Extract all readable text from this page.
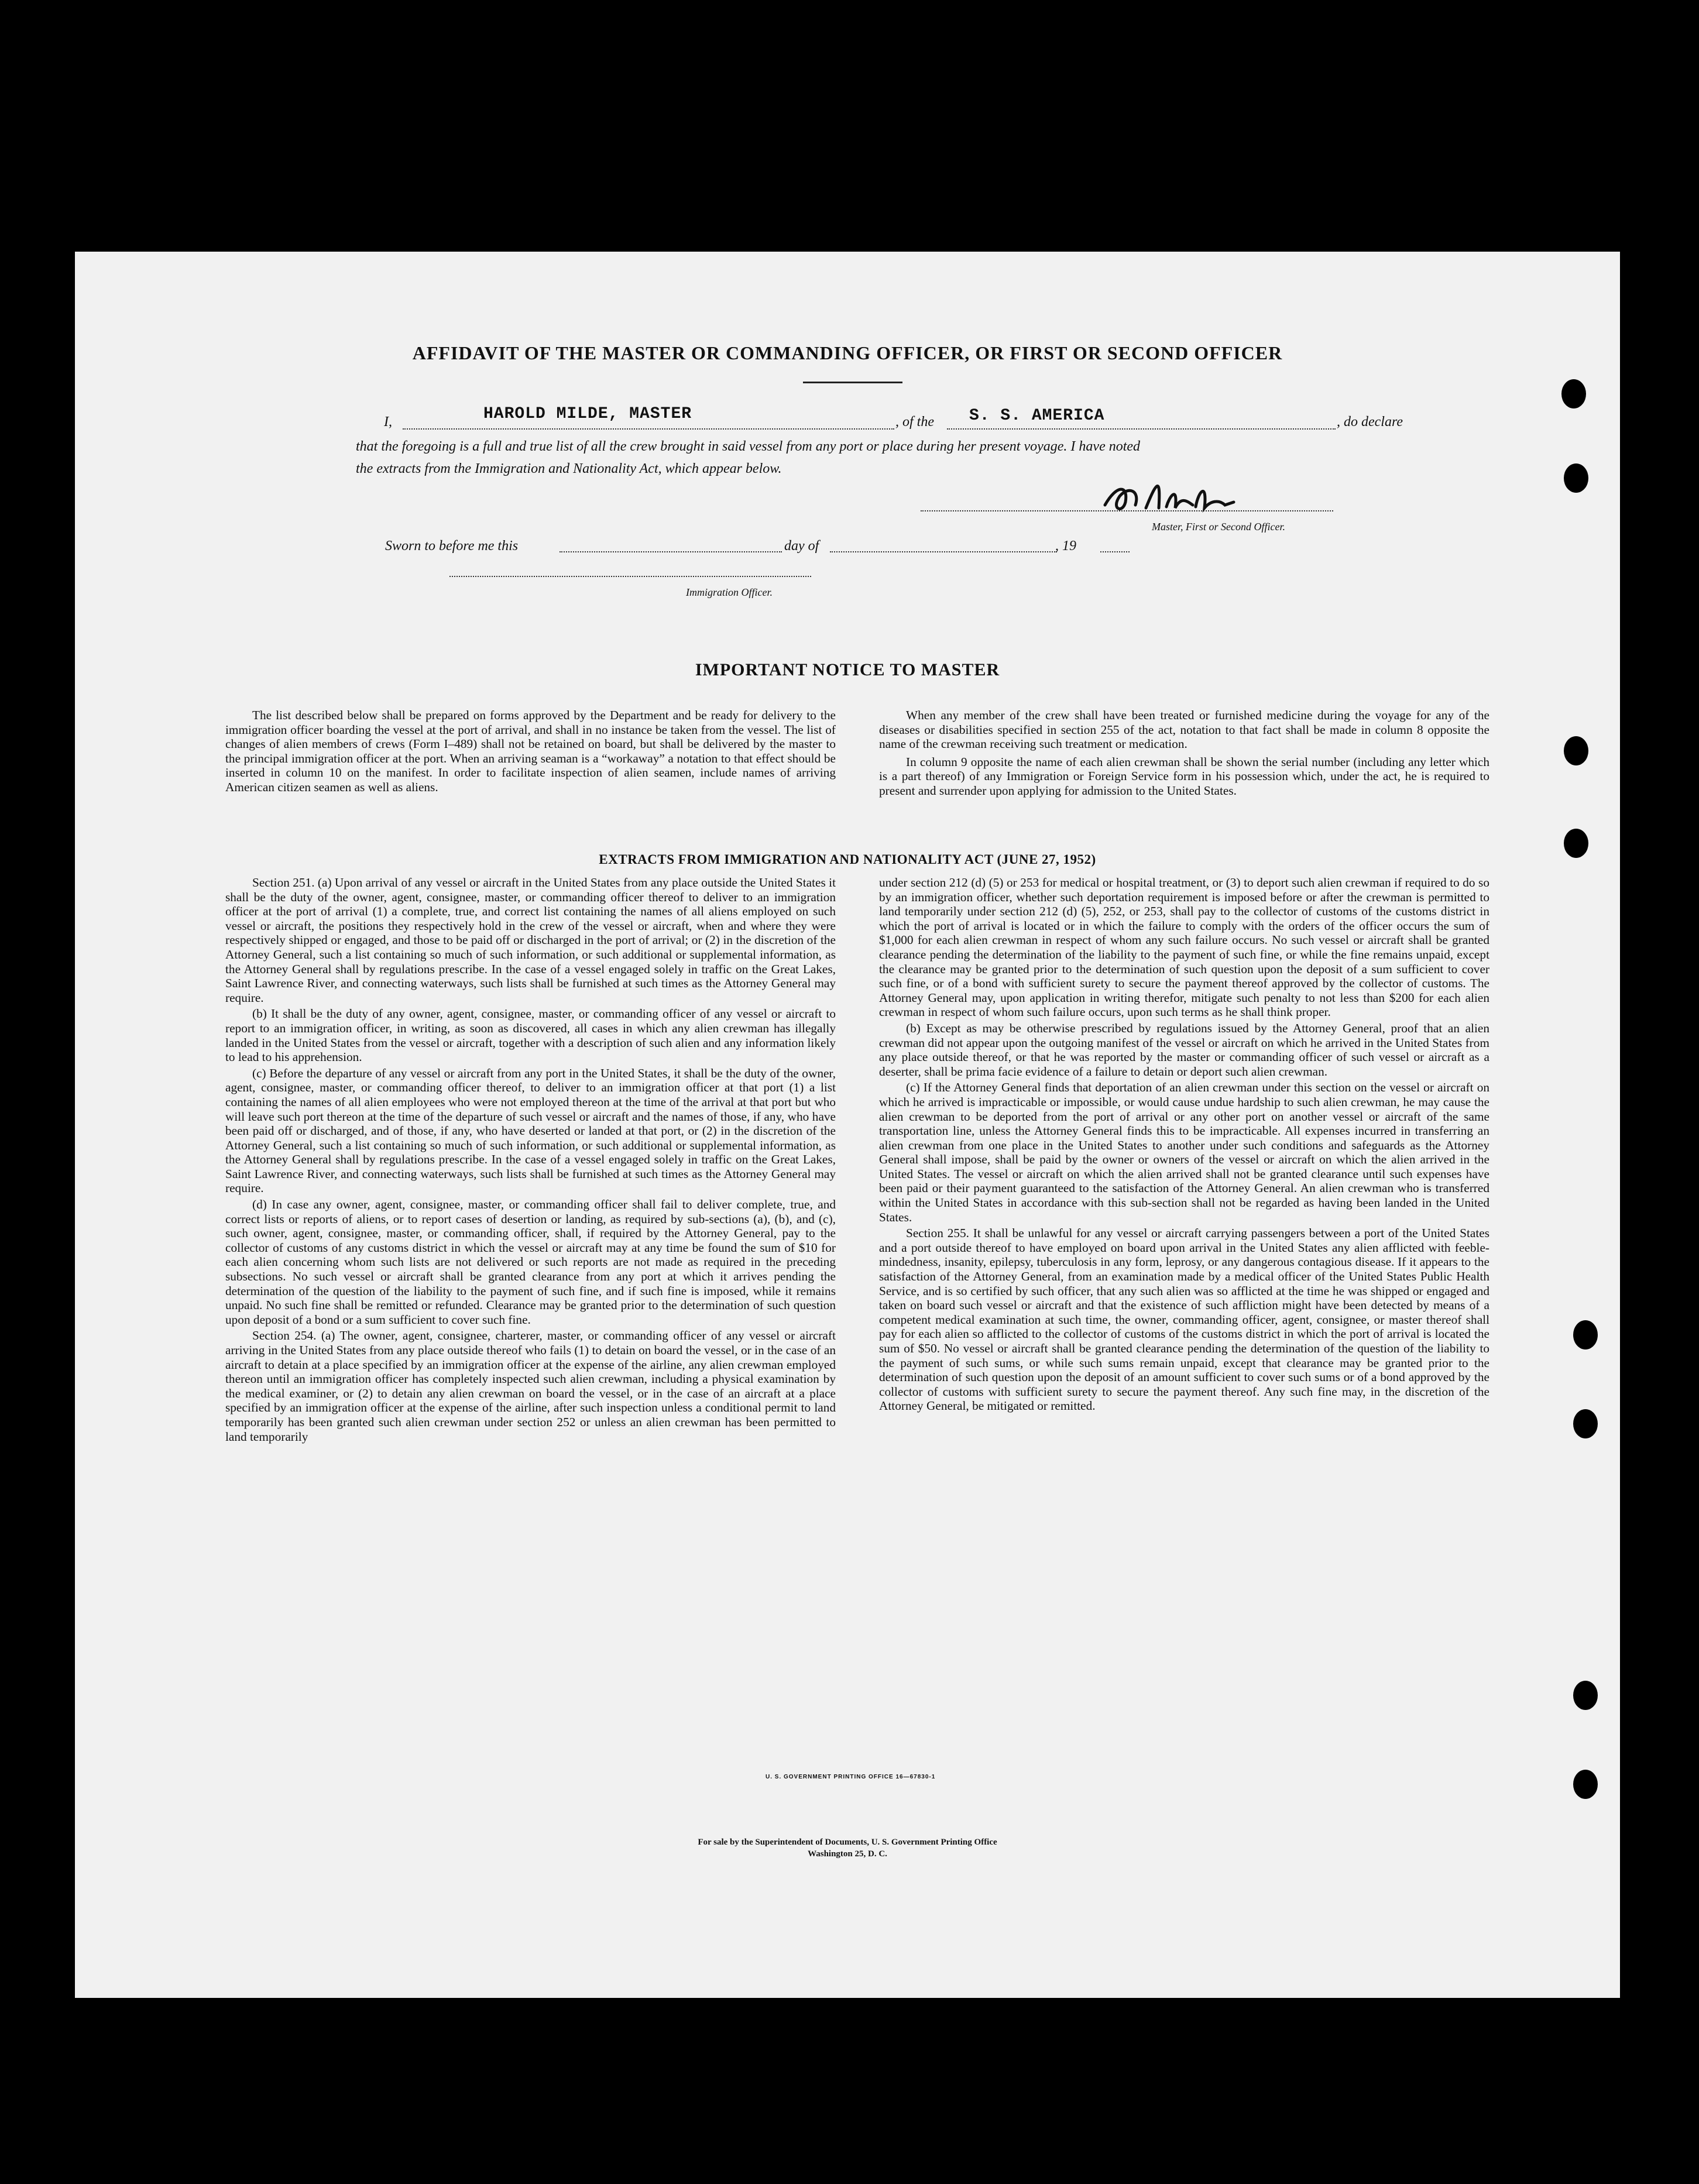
AFFIDAVIT OF THE MASTER OR COMMANDING OFFICER, OR FIRST OR SECOND OFFICER
I,	HAROLD MILDE, MASTER	, of the S. S. AMERICA	, do declare
that the foregoing is a full and true list of all the crew brought in said vessel from any port or place during her present voyage. I have noted
the extracts from the Immigration and Nationality Act, which appear below.
Master, First or Second Officer.
Sworn to before me this	day of	, 19
Immigration Officer.
IMPORTANT NOTICE TO MASTER

The list described below shall be prepared on forms approved by the Department and be ready for delivery to the immigration officer boarding the vessel at the port of arrival, and shall in no instance be taken from the vessel. The list of changes of alien members of crews (Form I–489) shall not be retained on board, but shall be delivered by the master to the principal immigration officer at the port. When an arriving seaman is a “workaway” a notation to that effect should be inserted in column 10 on the manifest. In order to facilitate inspection of alien seamen, include names of arriving American citizen seamen as well as aliens.

When any member of the crew shall have been treated or furnished medicine during the voyage for any of the diseases or disabilities specified in section 255 of the act, notation to that fact shall be made in column 8 opposite the name of the crewman receiving such treatment or medication.

In column 9 opposite the name of each alien crewman shall be shown the serial number (including any letter which is a part thereof) of any Immigration or Foreign Service form in his possession which, under the act, he is required to present and surrender upon applying for admission to the United States.

EXTRACTS FROM IMMIGRATION AND NATIONALITY ACT (JUNE 27, 1952)

Section 251. (a) Upon arrival of any vessel or aircraft in the United States from any place outside the United States it shall be the duty of the owner, agent, consignee, master, or commanding officer thereof to deliver to an immigration officer at the port of arrival (1) a complete, true, and correct list containing the names of all aliens employed on such vessel or aircraft, the positions they respectively hold in the crew of the vessel or aircraft, when and where they were respectively shipped or engaged, and those to be paid off or discharged in the port of arrival; or (2) in the discretion of the Attorney General, such a list containing so much of such information, or such additional or supplemental information, as the Attorney General shall by regulations prescribe. In the case of a vessel engaged solely in traffic on the Great Lakes, Saint Lawrence River, and connecting waterways, such lists shall be furnished at such times as the Attorney General may require.

(b) It shall be the duty of any owner, agent, consignee, master, or commanding officer of any vessel or aircraft to report to an immigration officer, in writing, as soon as discovered, all cases in which any alien crewman has illegally landed in the United States from the vessel or aircraft, together with a description of such alien and any information likely to lead to his apprehension.

(c) Before the departure of any vessel or aircraft from any port in the United States, it shall be the duty of the owner, agent, consignee, master, or commanding officer thereof, to deliver to an immigration officer at that port (1) a list containing the names of all alien employees who were not employed thereon at the time of the arrival at that port but who will leave such port thereon at the time of the departure of such vessel or aircraft and the names of those, if any, who have been paid off or discharged, and of those, if any, who have deserted or landed at that port, or (2) in the discretion of the Attorney General, such a list containing so much of such information, or such additional or supplemental information, as the Attorney General shall by regulations prescribe. In the case of a vessel engaged solely in traffic on the Great Lakes, Saint Lawrence River, and connecting waterways, such lists shall be furnished at such times as the Attorney General may require.

(d) In case any owner, agent, consignee, master, or commanding officer shall fail to deliver complete, true, and correct lists or reports of aliens, or to report cases of desertion or landing, as required by sub-sections (a), (b), and (c), such owner, agent, consignee, master, or commanding officer, shall, if required by the Attorney General, pay to the collector of customs of any customs district in which the vessel or aircraft may at any time be found the sum of $10 for each alien concerning whom such lists are not delivered or such reports are not made as required in the preceding subsections. No such vessel or aircraft shall be granted clearance from any port at which it arrives pending the determination of the question of the liability to the payment of such fine, and if such fine is imposed, while it remains unpaid. No such fine shall be remitted or refunded. Clearance may be granted prior to the determination of such question upon deposit of a bond or a sum sufficient to cover such fine.

Section 254. (a) The owner, agent, consignee, charterer, master, or commanding officer of any vessel or aircraft arriving in the United States from any place outside thereof who fails (1) to detain on board the vessel, or in the case of an aircraft to detain at a place specified by an immigration officer at the expense of the airline, any alien crewman employed thereon until an immigration officer has completely inspected such alien crewman, including a physical examination by the medical examiner, or (2) to detain any alien crewman on board the vessel, or in the case of an aircraft at a place specified by an immigration officer at the expense of the airline, after such inspection unless a conditional permit to land temporarily has been granted such alien crewman under section 252 or unless an alien crewman has been permitted to land temporarily

under section 212 (d) (5) or 253 for medical or hospital treatment, or (3) to deport such alien crewman if required to do so by an immigration officer, whether such deportation requirement is imposed before or after the crewman is permitted to land temporarily under section 212 (d) (5), 252, or 253, shall pay to the collector of customs of the customs district in which the port of arrival is located or in which the failure to comply with the orders of the officer occurs the sum of $1,000 for each alien crewman in respect of whom any such failure occurs. No such vessel or aircraft shall be granted clearance pending the determination of the liability to the payment of such fine, or while the fine remains unpaid, except the clearance may be granted prior to the determination of such question upon the deposit of a sum sufficient to cover such fine, or of a bond with sufficient surety to secure the payment thereof approved by the collector of customs. The Attorney General may, upon application in writing therefor, mitigate such penalty to not less than $200 for each alien crewman in respect of whom such failure occurs, upon such terms as he shall think proper.

(b) Except as may be otherwise prescribed by regulations issued by the Attorney General, proof that an alien crewman did not appear upon the outgoing manifest of the vessel or aircraft on which he arrived in the United States from any place outside thereof, or that he was reported by the master or commanding officer of such vessel or aircraft as a deserter, shall be prima facie evidence of a failure to detain or deport such alien crewman.

(c) If the Attorney General finds that deportation of an alien crewman under this section on the vessel or aircraft on which he arrived is impracticable or impossible, or would cause undue hardship to such alien crewman, he may cause the alien crewman to be deported from the port of arrival or any other port on another vessel or aircraft of the same transportation line, unless the Attorney General finds this to be impracticable. All expenses incurred in transferring an alien crewman from one place in the United States to another under such conditions and safeguards as the Attorney General shall impose, shall be paid by the owner or owners of the vessel or aircraft on which the alien arrived in the United States. The vessel or aircraft on which the alien arrived shall not be granted clearance until such expenses have been paid or their payment guaranteed to the satisfaction of the Attorney General. An alien crewman who is transferred within the United States in accordance with this sub-section shall not be regarded as having been landed in the United States.

Section 255. It shall be unlawful for any vessel or aircraft carrying passengers between a port of the United States and a port outside thereof to have employed on board upon arrival in the United States any alien afflicted with feeble-mindedness, insanity, epilepsy, tuberculosis in any form, leprosy, or any dangerous contagious disease. If it appears to the satisfaction of the Attorney General, from an examination made by a medical officer of the United States Public Health Service, and is so certified by such officer, that any such alien was so afflicted at the time he was shipped or engaged and taken on board such vessel or aircraft and that the existence of such affliction might have been detected by means of a competent medical examination at such time, the owner, commanding officer, agent, consignee, or master thereof shall pay for each alien so afflicted to the collector of customs of the customs district in which the port of arrival is located the sum of $50. No vessel or aircraft shall be granted clearance pending the determination of the question of the liability to the payment of such sums, or while such sums remain unpaid, except that clearance may be granted prior to the determination of such question upon the deposit of an amount sufficient to cover such sums or of a bond approved by the collector of customs with sufficient surety to secure the payment thereof. Any such fine may, in the discretion of the Attorney General, be mitigated or remitted.

U. S. GOVERNMENT PRINTING OFFICE 16—67830-1
For sale by the Superintendent of Documents, U. S. Government Printing Office
Washington 25, D. C.
